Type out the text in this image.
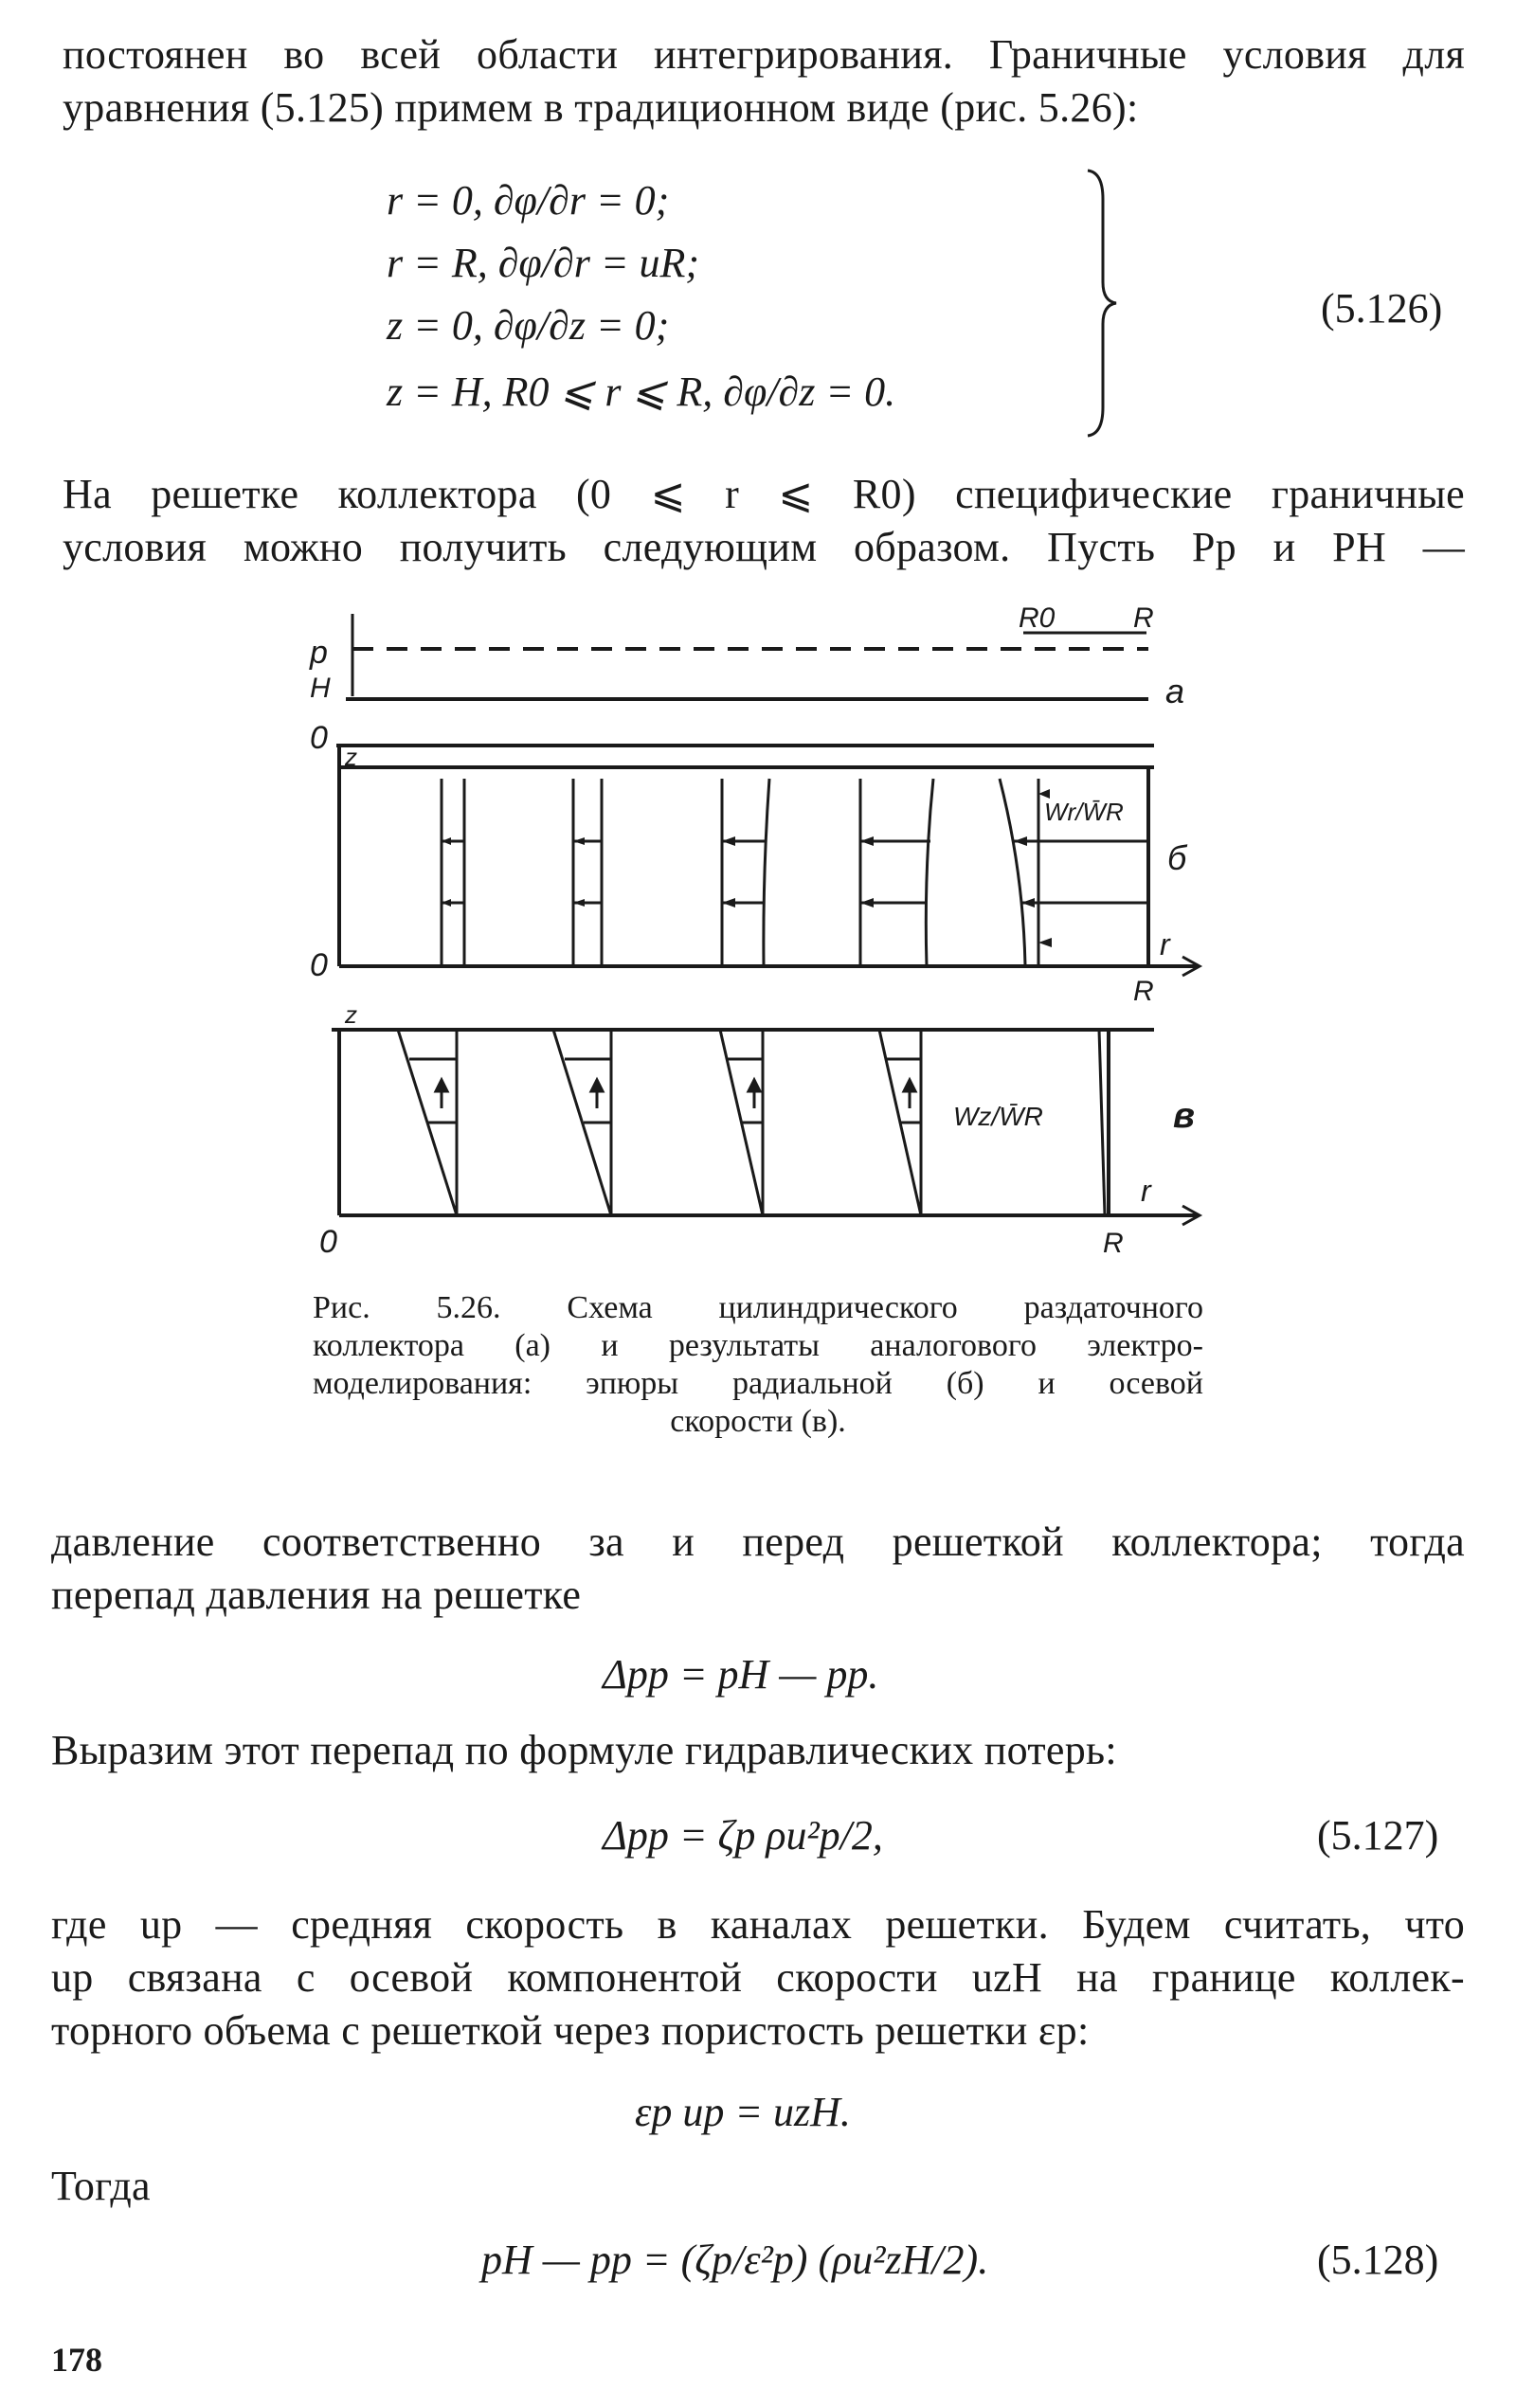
постоянен во всей области интегрирования. Граничные условия для
уравнения (5.125) примем в традиционном виде (рис. 5.26):
r = 0, ∂φ/∂r = 0;
r = R, ∂φ/∂r = uR;
z = 0, ∂φ/∂z = 0;
z = H, R0 ⩽ r ⩽ R, ∂φ/∂z = 0.
(5.126)
На решетке коллектора (0 ⩽ r ⩽ R0) специфические граничные
условия можно получить следующим образом. Пусть Pр и PH —
p
H
R0	R
a
0
z
Wr/W̄R
б
r
0
R
z
Wz/W̄R	в
r
0	R
Рис. 5.26. Схема цилиндрического раздаточного
коллектора (а) и результаты аналогового электро-
моделирования: эпюры радиальной (б) и осевой
скорости (в).
давление соответственно за и перед решеткой коллектора; тогда
перепад давления на решетке
Δpр = pH — pр.
Выразим этот перепад по формуле гидравлических потерь:
Δpр = ζр ρu²р/2,	(5.127)
где uр — средняя скорость в каналах решетки. Будем считать, что
uр связана с осевой компонентой скорости uzH на границе коллек-
торного объема с решеткой через пористость решетки εр:
εр uр = uzH.
Тогда
pH — pр = (ζр/ε²р) (ρu²zH/2).	(5.128)
178
